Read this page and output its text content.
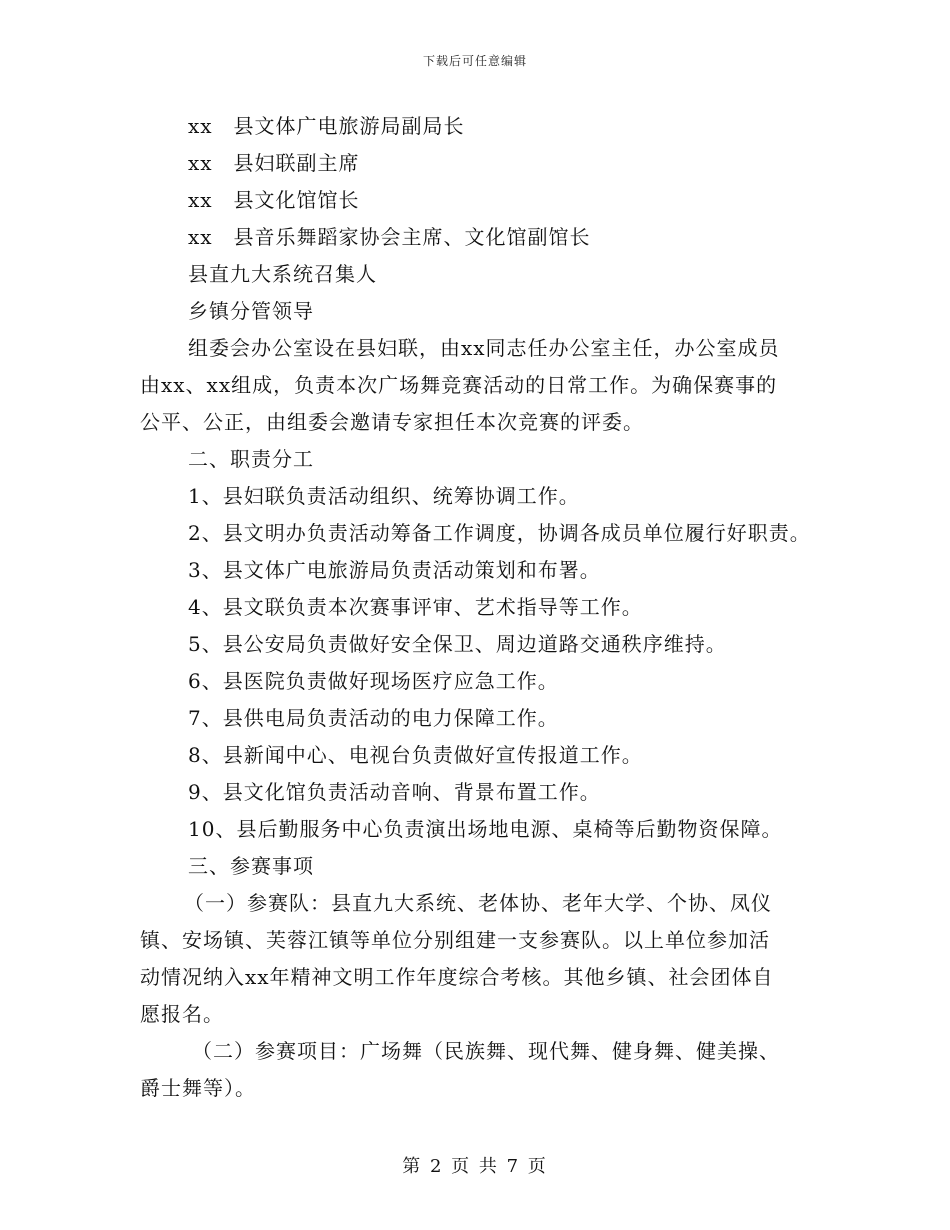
下载后可任意编辑
xx　县文体广电旅游局副局长
xx　县妇联副主席
xx　县文化馆馆长
xx　县音乐舞蹈家协会主席、文化馆副馆长
县直九大系统召集人
乡镇分管领导
组委会办公室设在县妇联，由xx同志任办公室主任，办公室成员
由xx、xx组成，负责本次广场舞竞赛活动的日常工作。为确保赛事的
公平、公正，由组委会邀请专家担任本次竞赛的评委。
二、职责分工
1、县妇联负责活动组织、统筹协调工作。
2、县文明办负责活动筹备工作调度，协调各成员单位履行好职责。
3、县文体广电旅游局负责活动策划和布署。
4、县文联负责本次赛事评审、艺术指导等工作。
5、县公安局负责做好安全保卫、周边道路交通秩序维持。
6、县医院负责做好现场医疗应急工作。
7、县供电局负责活动的电力保障工作。
8、县新闻中心、电视台负责做好宣传报道工作。
9、县文化馆负责活动音响、背景布置工作。
10、县后勤服务中心负责演出场地电源、桌椅等后勤物资保障。
三、参赛事项
（一）参赛队：县直九大系统、老体协、老年大学、个协、凤仪
镇、安场镇、芙蓉江镇等单位分别组建一支参赛队。以上单位参加活
动情况纳入xx年精神文明工作年度综合考核。其他乡镇、社会团体自
愿报名。
（二）参赛项目：广场舞（民族舞、现代舞、健身舞、健美操、
爵士舞等）。
第 2 页 共 7 页
